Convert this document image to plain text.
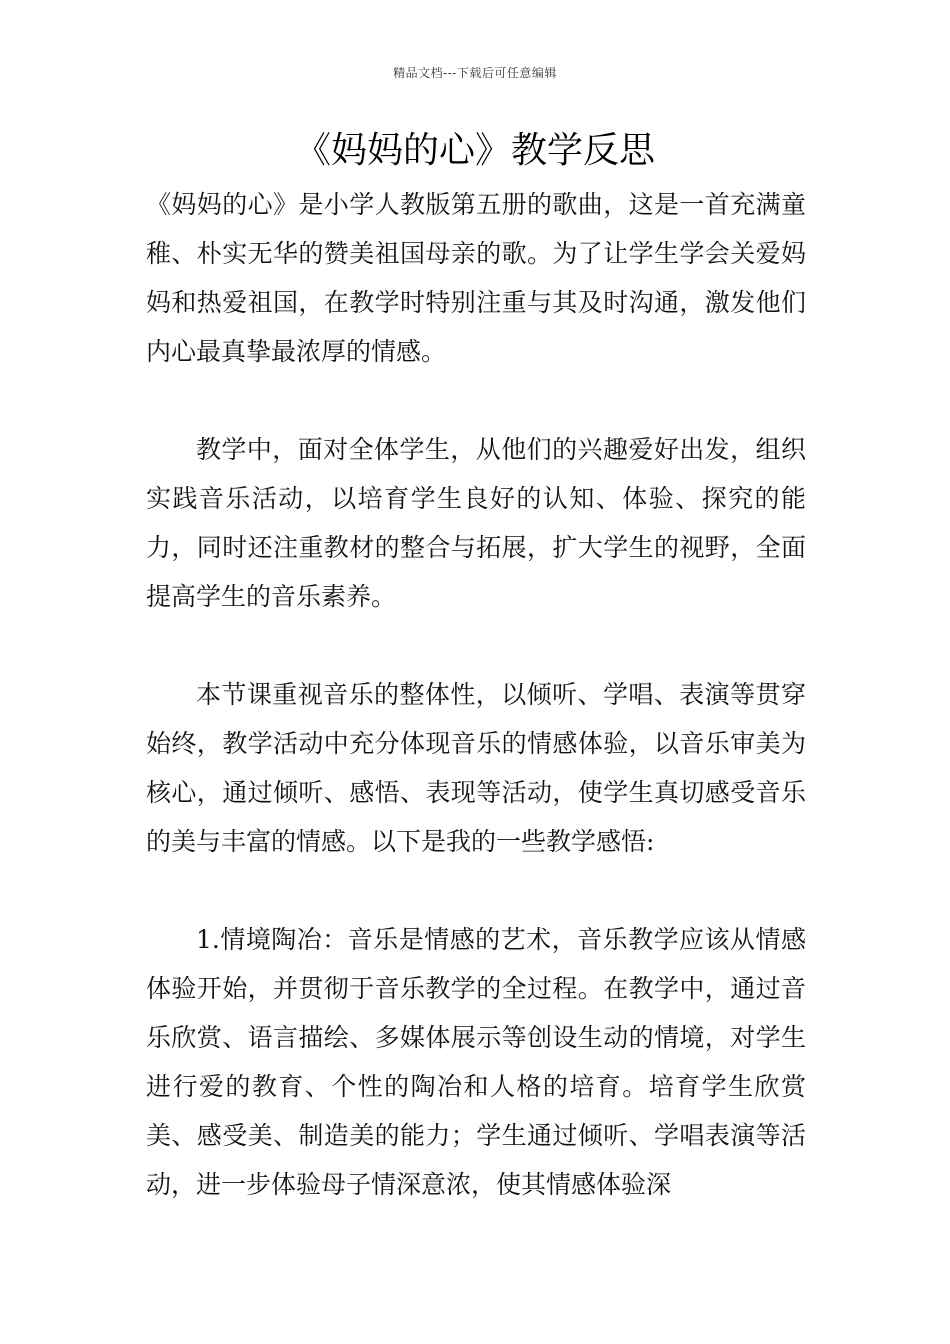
精品文档---下载后可任意编辑
《妈妈的心》教学反思

《妈妈的心》是小学人教版第五册的歌曲，这是一首充满童稚、朴实无华的赞美祖国母亲的歌。为了让学生学会关爱妈妈和热爱祖国，在教学时特别注重与其及时沟通，激发他们内心最真挚最浓厚的情感。

教学中，面对全体学生，从他们的兴趣爱好出发，组织实践音乐活动，以培育学生良好的认知、体验、探究的能力，同时还注重教材的整合与拓展，扩大学生的视野，全面提高学生的音乐素养。

本节课重视音乐的整体性，以倾听、学唱、表演等贯穿始终，教学活动中充分体现音乐的情感体验，以音乐审美为核心，通过倾听、感悟、表现等活动，使学生真切感受音乐的美与丰富的情感。以下是我的一些教学感悟:

1.情境陶冶：音乐是情感的艺术，音乐教学应该从情感体验开始，并贯彻于音乐教学的全过程。在教学中，通过音乐欣赏、语言描绘、多媒体展示等创设生动的情境，对学生进行爱的教育、个性的陶冶和人格的培育。培育学生欣赏美、感受美、制造美的能力；学生通过倾听、学唱表演等活动，进一步体验母子情深意浓，使其情感体验深
